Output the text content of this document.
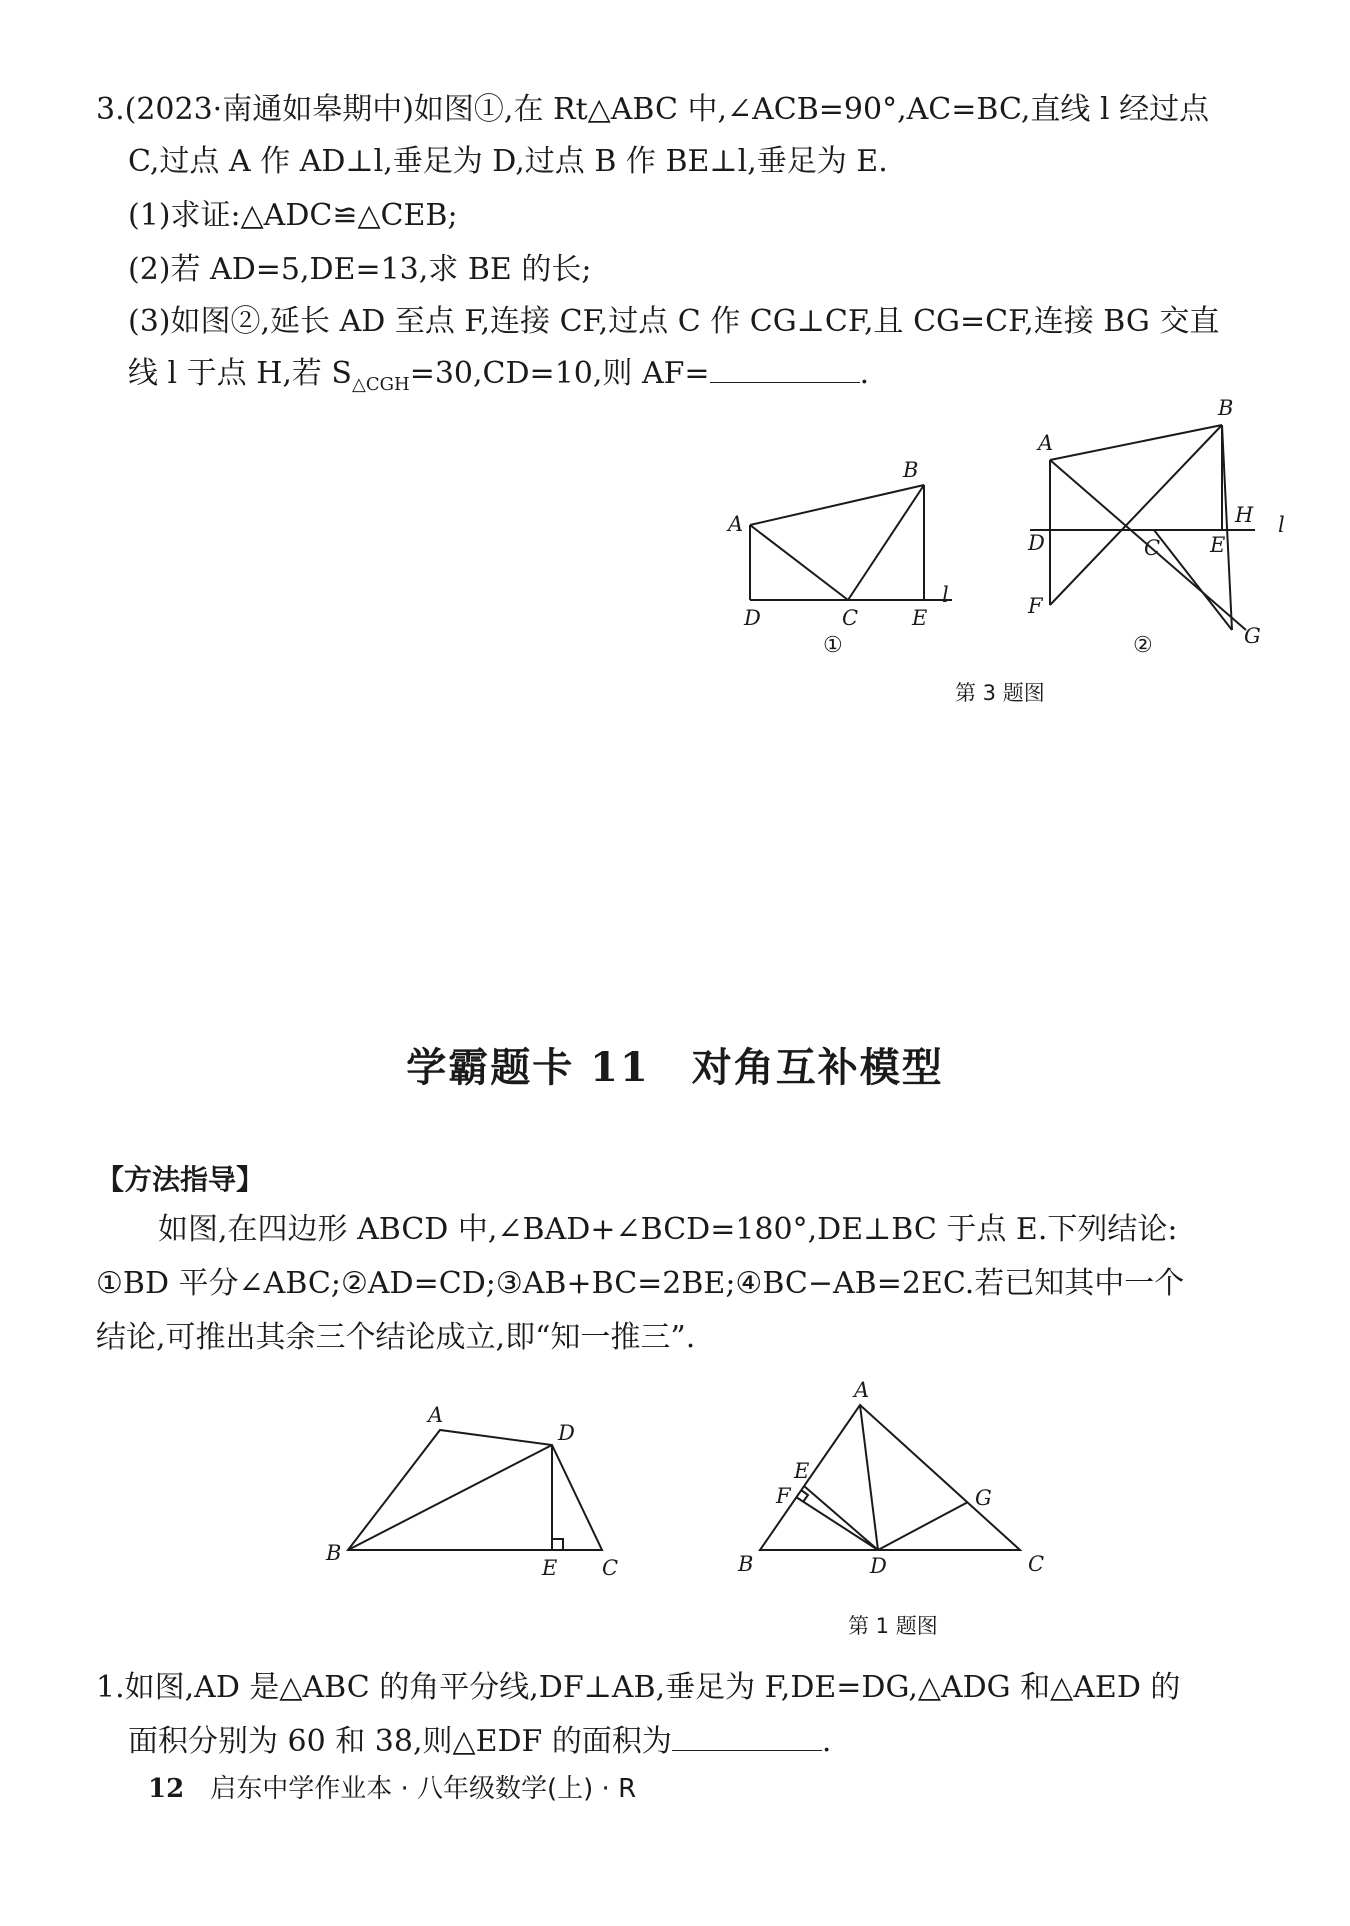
3.(2023·南通如皋期中)如图①,在 Rt△ABC 中,∠ACB=90°,AC=BC,直线 l 经过点
C,过点 A 作 AD⊥l,垂足为 D,过点 B 作 BE⊥l,垂足为 E.
(1)求证:△ADC≌△CEB;
(2)若 AD=5,DE=13,求 BE 的长;
(3)如图②,延长 AD 至点 F,连接 CF,过点 C 作 CG⊥CF,且 CG=CF,连接 BG 交直
线 l 于点 H,若 $S_{\triangle CGH}=30,CD=10$,则 AF=	.
A
B
C
D	E
l
①
A
B
C
D	E
F
G
H l
②
第 3 题图
学霸题卡 11　对角互补模型
【方法指导】
如图,在四边形 ABCD 中,∠BAD+∠BCD=180°,DE⊥BC 于点 E.下列结论:
①BD 平分∠ABC;②AD=CD;③AB+BC=2BE;④BC−AB=2EC.若已知其中一个
结论,可推出其余三个结论成立,即“知一推三”.
A
B
C
D
E
A
B	C
D
E
F	G
第 1 题图
1.如图,AD 是△ABC 的角平分线,DF⊥AB,垂足为 F,DE=DG,△ADG 和△AED 的
面积分别为 60 和 38,则△EDF 的面积为	.
12 启东中学作业本 · 八年级数学(上) · R
